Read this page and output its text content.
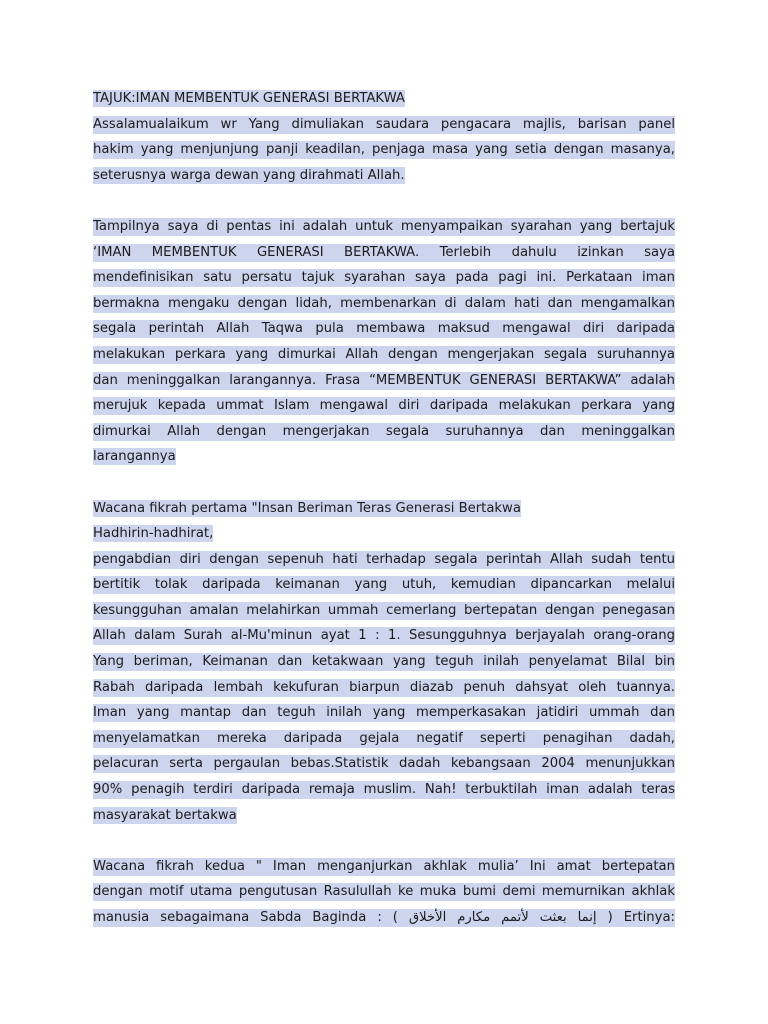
TAJUK:IMAN MEMBENTUK GENERASI BERTAKWA
Assalamualaikum wr Yang dimuliakan saudara pengacara majlis, barisan panel
hakim yang menjunjung panji keadilan, penjaga masa yang setia dengan masanya,
seterusnya warga dewan yang dirahmati Allah.
Tampilnya saya di pentas ini adalah untuk menyampaikan syarahan yang bertajuk
‘IMAN MEMBENTUK GENERASI BERTAKWA. Terlebih dahulu izinkan saya
mendefinisikan satu persatu tajuk syarahan saya pada pagi ini. Perkataan iman
bermakna mengaku dengan lidah, membenarkan di dalam hati dan mengamalkan
segala perintah Allah Taqwa pula membawa maksud mengawal diri daripada
melakukan perkara yang dimurkai Allah dengan mengerjakan segala suruhannya
dan meninggalkan larangannya. Frasa “MEMBENTUK GENERASI BERTAKWA” adalah
merujuk kepada ummat Islam mengawal diri daripada melakukan perkara yang
dimurkai Allah dengan mengerjakan segala suruhannya dan meninggalkan
larangannya
Wacana fikrah pertama "Insan Beriman Teras Generasi Bertakwa
Hadhirin-hadhirat,
pengabdian diri dengan sepenuh hati terhadap segala perintah Allah sudah tentu
bertitik tolak daripada keimanan yang utuh, kemudian dipancarkan melalui
kesungguhan amalan melahirkan ummah cemerlang bertepatan dengan penegasan
Allah dalam Surah al-Mu'minun ayat 1 : 1. Sesungguhnya berjayalah orang-orang
Yang beriman, Keimanan dan ketakwaan yang teguh inilah penyelamat Bilal bin
Rabah daripada lembah kekufuran biarpun diazab penuh dahsyat oleh tuannya.
Iman yang mantap dan teguh inilah yang memperkasakan jatidiri ummah dan
menyelamatkan mereka daripada gejala negatif seperti penagihan dadah,
pelacuran serta pergaulan bebas.Statistik dadah kebangsaan 2004 menunjukkan
90% penagih terdiri daripada remaja muslim. Nah! terbuktilah iman adalah teras
masyarakat bertakwa
Wacana fikrah kedua " Iman menganjurkan akhlak mulia’ Ini amat bertepatan
dengan motif utama pengutusan Rasulullah ke muka bumi demi memurnikan akhlak
manusia sebagaimana Sabda Baginda : ( إنما بعثت لأتمم مكارم الأخلاق ) Ertinya:
